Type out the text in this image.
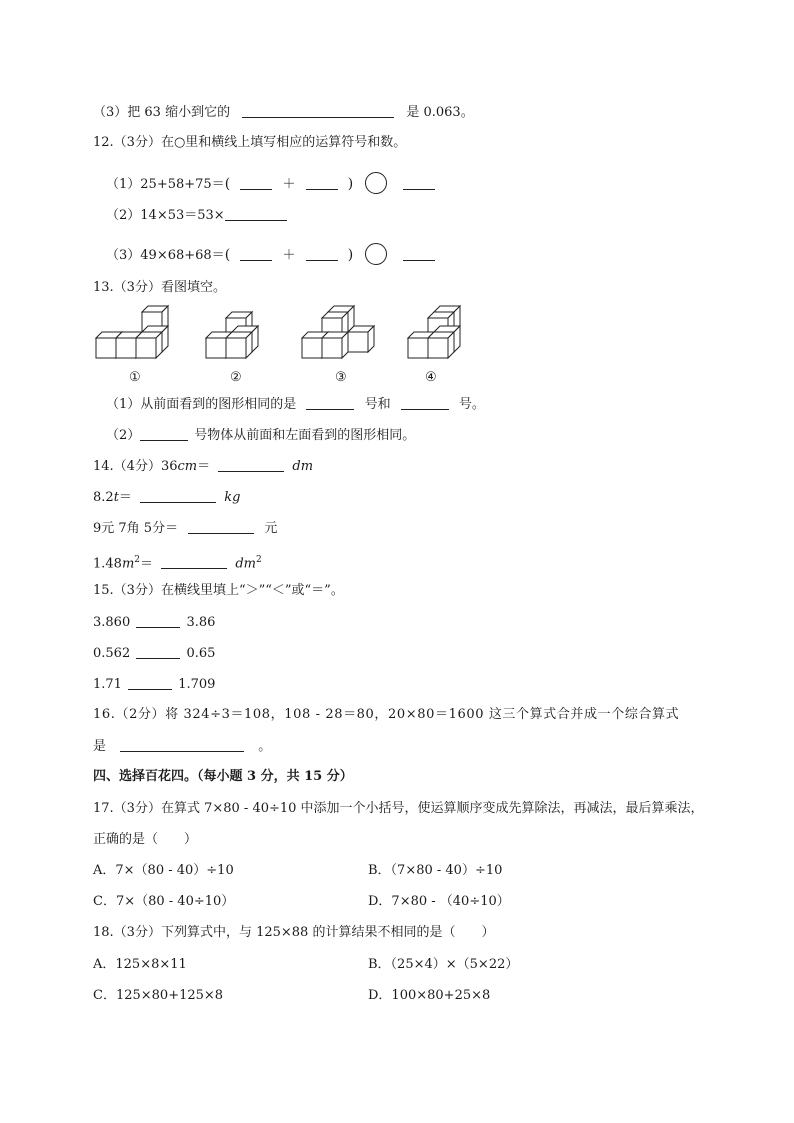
（3）把 63 缩小到它的	是 0.063。
12.（3分）在○里和横线上填写相应的运算符号和数。
（1）25+58+75＝(	＋	)
（2）14×53＝53×
（3）49×68+68＝(	＋	)
13.（3分）看图填空。
①	②	③	④
（1）从前面看到的图形相同的是	号和	号。
（2）	号物体从前面和左面看到的图形相同。
14.（4分）36cm＝	dm
8.2t＝	kg
9元 7角 5分＝	元
$1.48m^2=$	$dm^2$
15.（3分）在横线里填上“＞”“＜”或“＝”。
3.860	3.86
0.562	0.65
1.71	1.709
16.（2分）将 324÷3＝108，108 - 28＝80，20×80＝1600 这三个算式合并成一个综合算式
是	。
四、选择百花四。（每小题 3 分，共 15 分）
17.（3分）在算式 7×80 - 40÷10 中添加一个小括号，使运算顺序变成先算除法，再减法，最后算乘法，
正确的是（　　）
A．7×（80 - 40）÷10	B．（7×80 - 40）÷10
C．7×（80 - 40÷10）	D．7×80 - （40÷10）
18.（3分）下列算式中，与 125×88 的计算结果不相同的是（　　）
A．125×8×11	B．（25×4）×（5×22）
C．125×80+125×8	D．100×80+25×8
